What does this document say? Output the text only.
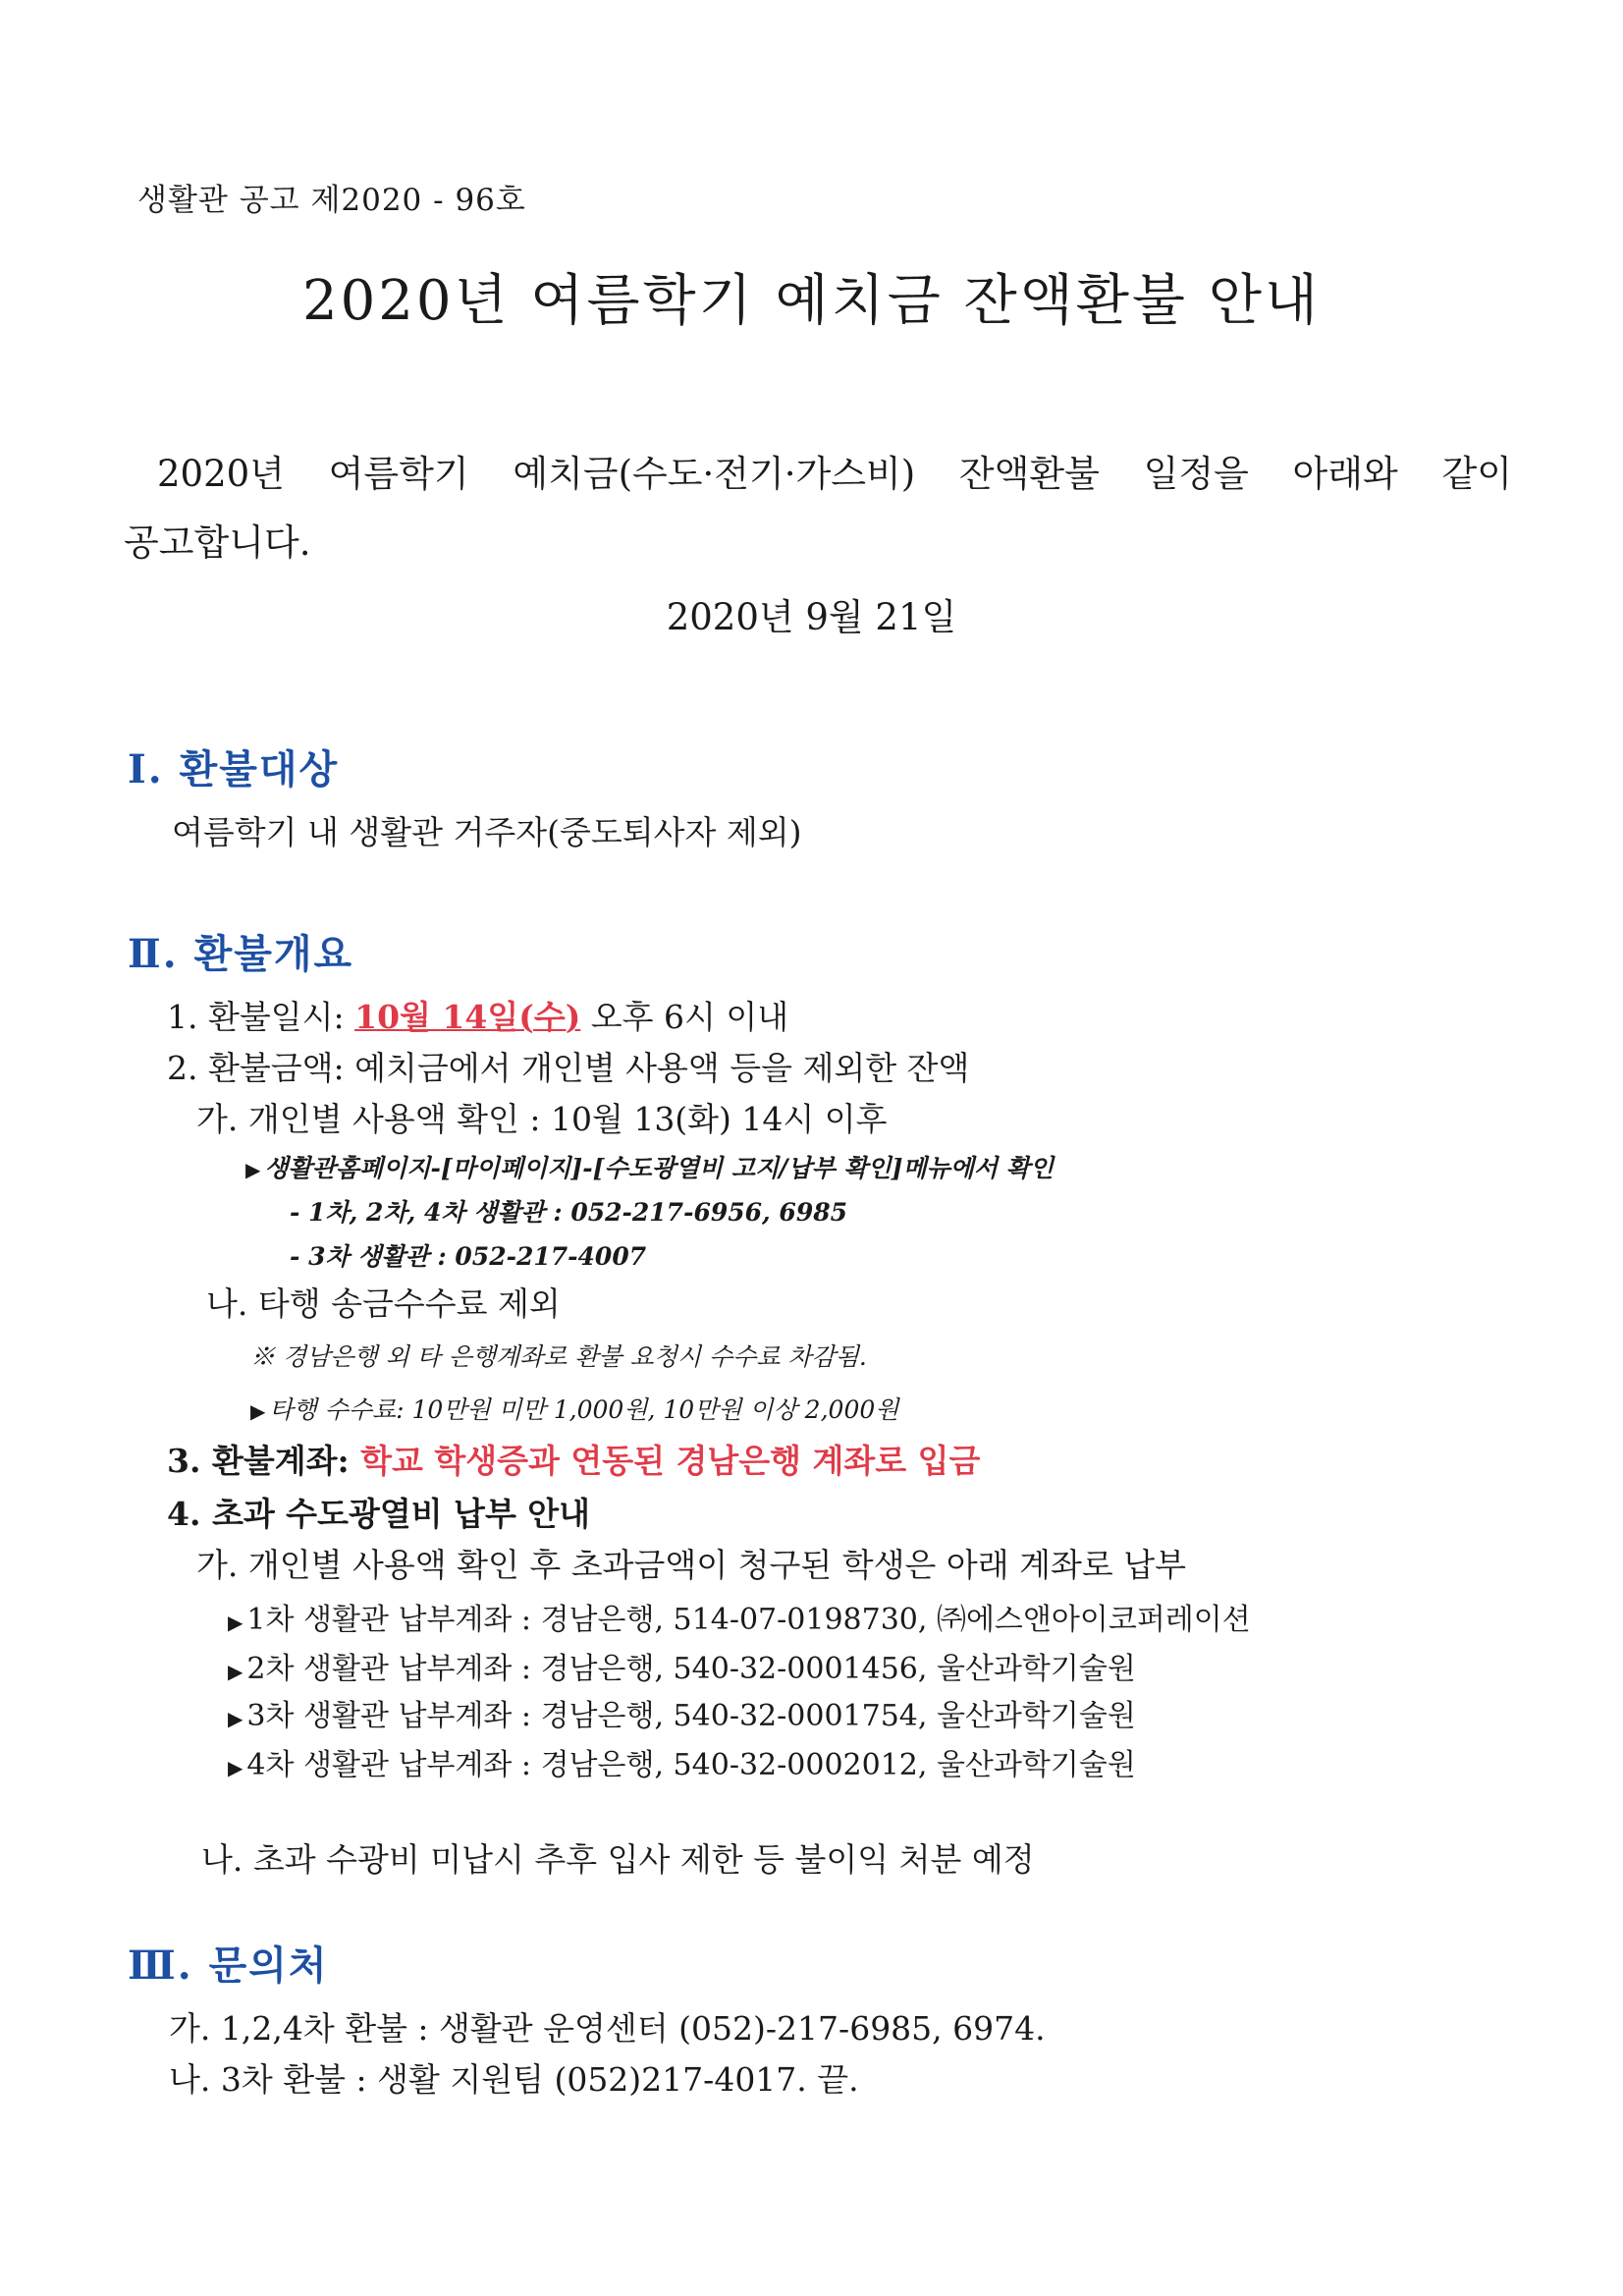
생활관 공고 제2020 - 96호
2020년 여름학기 예치금 잔액환불 안내
2020년 여름학기 예치금(수도·전기·가스비) 잔액환불 일정을 아래와 같이
공고합니다.
2020년 9월 21일
Ⅰ. 환불대상
여름학기 내 생활관 거주자(중도퇴사자 제외)
Ⅱ. 환불개요
1. 환불일시: 10월 14일(수) 오후 6시 이내
2. 환불금액: 예치금에서 개인별 사용액 등을 제외한 잔액
가. 개인별 사용액 확인 : 10월 13(화) 14시 이후
▶ 생활관홈페이지-[마이페이지]-[수도광열비 고지/납부 확인]메뉴에서 확인
- 1차, 2차, 4차 생활관 : 052-217-6956, 6985
- 3차 생활관 : 052-217-4007
나. 타행 송금수수료 제외
※ 경남은행 외 타 은행계좌로 환불 요청시 수수료 차감됨.
▶ 타행 수수료: 10만원 미만 1,000원, 10만원 이상 2,000원
3. 환불계좌: 학교 학생증과 연동된 경남은행 계좌로 입금
4. 초과 수도광열비 납부 안내
가. 개인별 사용액 확인 후 초과금액이 청구된 학생은 아래 계좌로 납부
▶ 1차 생활관 납부계좌 : 경남은행, 514-07-0198730, ㈜에스앤아이코퍼레이션
▶ 2차 생활관 납부계좌 : 경남은행, 540-32-0001456, 울산과학기술원
▶ 3차 생활관 납부계좌 : 경남은행, 540-32-0001754, 울산과학기술원
▶ 4차 생활관 납부계좌 : 경남은행, 540-32-0002012, 울산과학기술원
나. 초과 수광비 미납시 추후 입사 제한 등 불이익 처분 예정
Ⅲ. 문의처
가. 1,2,4차 환불 : 생활관 운영센터 (052)-217-6985, 6974.
나. 3차 환불 : 생활 지원팀 (052)217-4017. 끝.
